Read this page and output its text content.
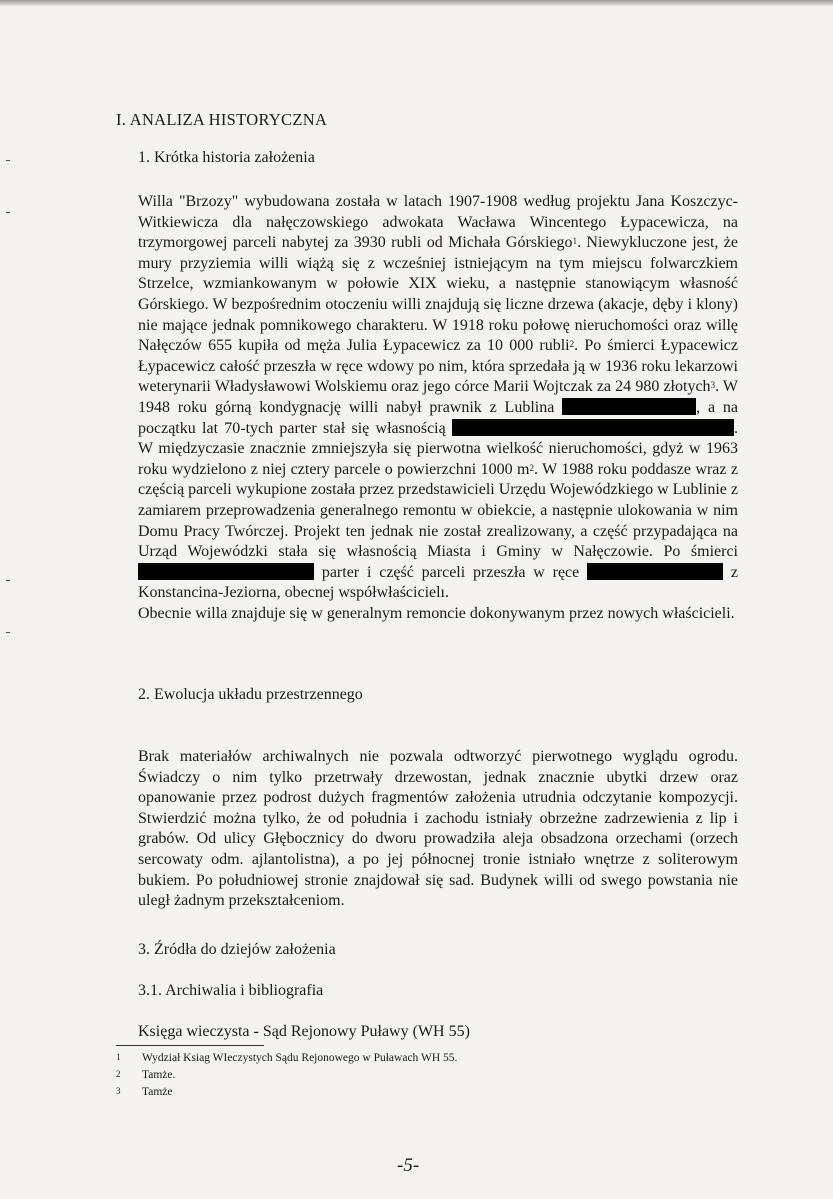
I. ANALIZA HISTORYCZNA
1. Krótka historia założenia

Willa "Brzozy" wybudowana została w latach 1907-1908 według projektu Jana Koszczyc-Witkiewicza dla nałęczowskiego adwokata Wacława Wincentego Łypacewicza, na trzymorgowej parceli nabytej za 3930 rubli od Michała Górskiego$^1$. Niewykluczone jest, że mury przyziemia willi wiążą się z wcześniej istniejącym na tym miejscu folwarczkiem Strzelce, wzmiankowanym w połowie XIX wieku, a następnie stanowiącym własność Górskiego. W bezpośrednim otoczeniu willi znajdują się liczne drzewa (akacje, dęby i klony) nie mające jednak pomnikowego charakteru. W 1918 roku połowę nieruchomości oraz willę Nałęczów 655 kupiła od męża Julia Łypacewicz za 10 000 rubli$^2$. Po śmierci Łypacewicz Łypacewicz całość przeszła w ręce wdowy po nim, która sprzedała ją w 1936 roku lekarzowi weterynarii Władysławowi Wolskiemu oraz jego córce Marii Wojtczak za 24 980 złotych$^3$. W 1948 roku górną kondygnację willi nabył prawnik z Lublina	, a na początku lat 70-tych parter stał się własnością	. W międzyczasie znacznie zmniejszyła się pierwotna wielkość nieruchomości, gdyż w 1963 roku wydzielono z niej cztery parcele o powierzchni 1000 $m^2$. W 1988 roku poddasze wraz z częścią parceli wykupione została przez przedstawicieli Urzędu Wojewódzkiego w Lublinie z zamiarem przeprowadzenia generalnego remontu w obiekcie, a następnie ulokowania w nim Domu Pracy Twórczej. Projekt ten jednak nie został zrealizowany, a część przypadająca na Urząd Wojewódzki stała się własnością Miasta i Gminy w Nałęczowie. Po śmierci  parter i część parceli przeszła w ręce	z Konstancina-Jeziorna, obecnej współwłaścicielı.

Obecnie willa znajduje się w generalnym remoncie dokonywanym przez nowych właścicieli.

2. Ewolucja układu przestrzennego

Brak materiałów archiwalnych nie pozwala odtworzyć pierwotnego wyglądu ogrodu. Świadczy o nim tylko przetrwały drzewostan, jednak znacznie ubytki drzew oraz opanowanie przez podrost dużych fragmentów założenia utrudnia odczytanie kompozycji. Stwierdzić można tylko, że od południa i zachodu istniały obrzeżne zadrzewienia z lip i grabów. Od ulicy Głębocznicy do dworu prowadziła aleja obsadzona orzechami (orzech sercowaty odm. ajlantolistna), a po jej północnej tronie istniało wnętrze z soliterowym bukiem. Po południowej stronie znajdował się sad. Budynek willi od swego powstania nie uległ żadnym przekształceniom.

3. Źródła do dziejów założenia
3.1. Archiwalia i bibliografia
Księga wieczysta - Sąd Rejonowy Puławy (WH 55)
1 Wydział Ksiag WIeczystych Sądu Rejonowego w Puławach WH 55.
2 Tamże.
3 Tamże
-5-
